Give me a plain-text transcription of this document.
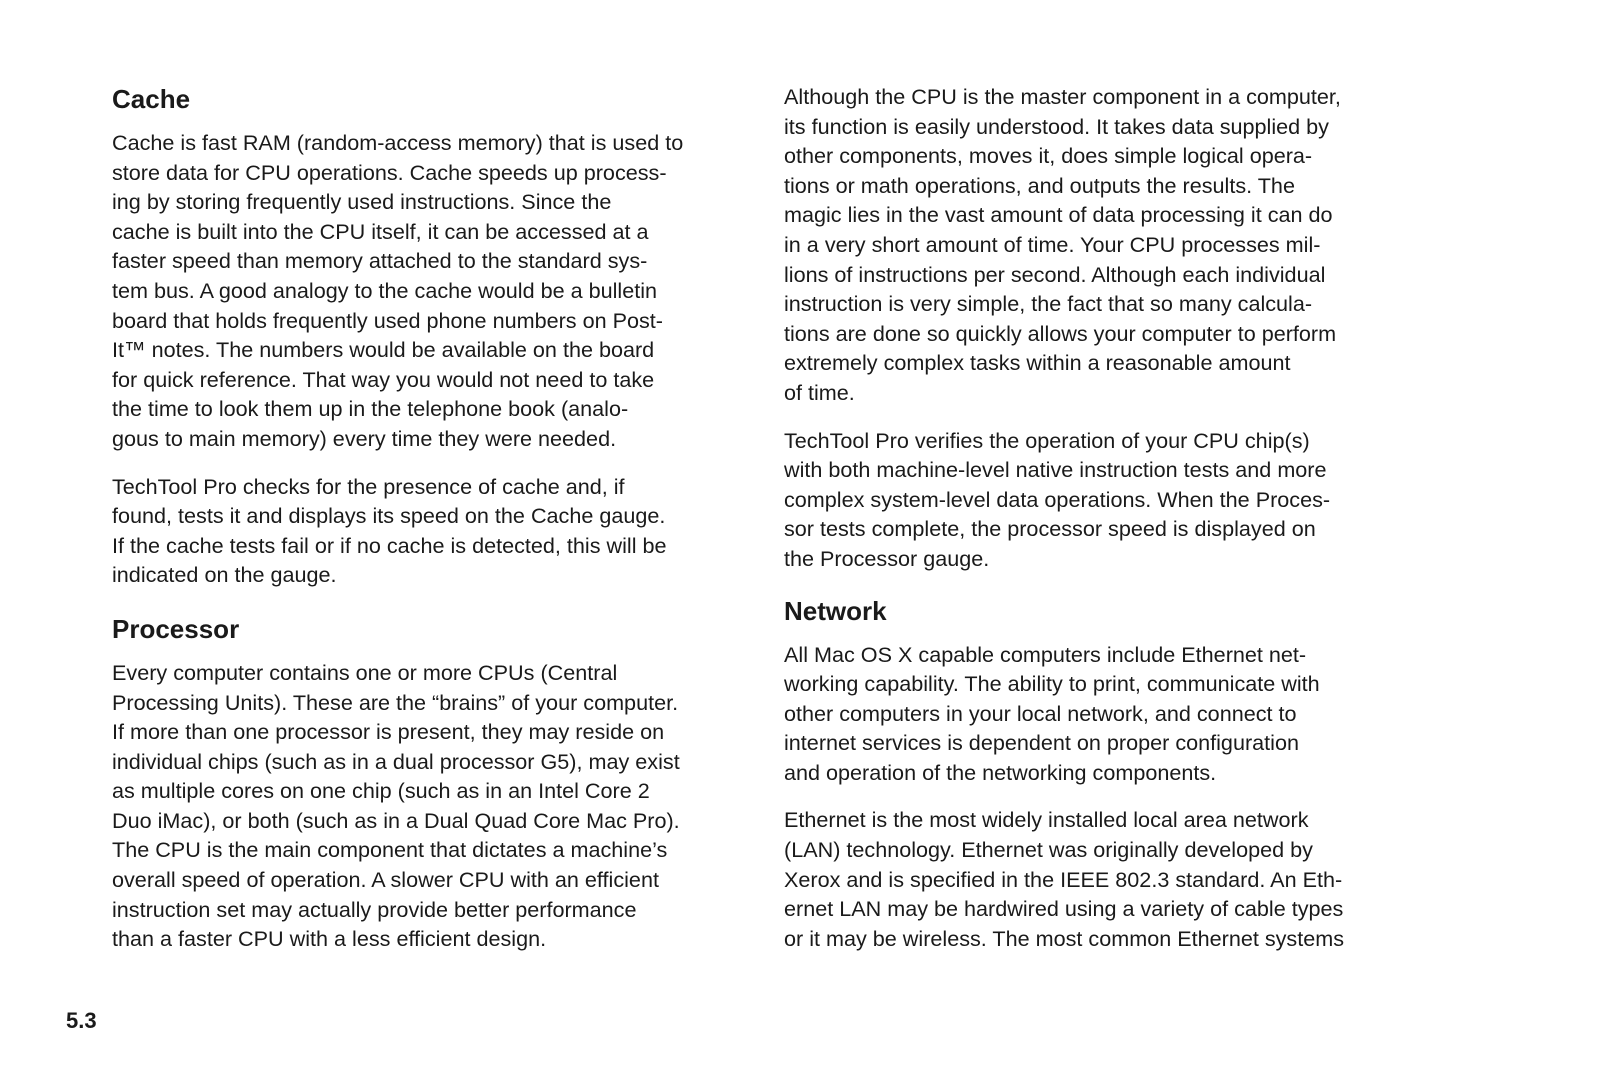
Cache
Cache is fast RAM (random-access memory) that is used to
store data for CPU operations. Cache speeds up process-
ing by storing frequently used instructions. Since the
cache is built into the CPU itself, it can be accessed at a
faster speed than memory attached to the standard sys-
tem bus. A good analogy to the cache would be a bulletin
board that holds frequently used phone numbers on Post-
It™ notes. The numbers would be available on the board
for quick reference. That way you would not need to take
the time to look them up in the telephone book (analo-
gous to main memory) every time they were needed.
TechTool Pro checks for the presence of cache and, if
found, tests it and displays its speed on the Cache gauge.
If the cache tests fail or if no cache is detected, this will be
indicated on the gauge.
Processor
Every computer contains one or more CPUs (Central
Processing Units). These are the “brains” of your computer.
If more than one processor is present, they may reside on
individual chips (such as in a dual processor G5), may exist
as multiple cores on one chip (such as in an Intel Core 2
Duo iMac), or both (such as in a Dual Quad Core Mac Pro).
The CPU is the main component that dictates a machine’s
overall speed of operation. A slower CPU with an efficient
instruction set may actually provide better performance
than a faster CPU with a less efficient design.
Although the CPU is the master component in a computer,
its function is easily understood. It takes data supplied by
other components, moves it, does simple logical opera-
tions or math operations, and outputs the results. The
magic lies in the vast amount of data processing it can do
in a very short amount of time. Your CPU processes mil-
lions of instructions per second. Although each individual
instruction is very simple, the fact that so many calcula-
tions are done so quickly allows your computer to perform
extremely complex tasks within a reasonable amount
of time.
TechTool Pro verifies the operation of your CPU chip(s)
with both machine-level native instruction tests and more
complex system-level data operations. When the Proces-
sor tests complete, the processor speed is displayed on
the Processor gauge.
Network
All Mac OS X capable computers include Ethernet net-
working capability. The ability to print, communicate with
other computers in your local network, and connect to
internet services is dependent on proper configuration
and operation of the networking components.
Ethernet is the most widely installed local area network
(LAN) technology. Ethernet was originally developed by
Xerox and is specified in the IEEE 802.3 standard. An Eth-
ernet LAN may be hardwired using a variety of cable types
or it may be wireless. The most common Ethernet systems
5.3
